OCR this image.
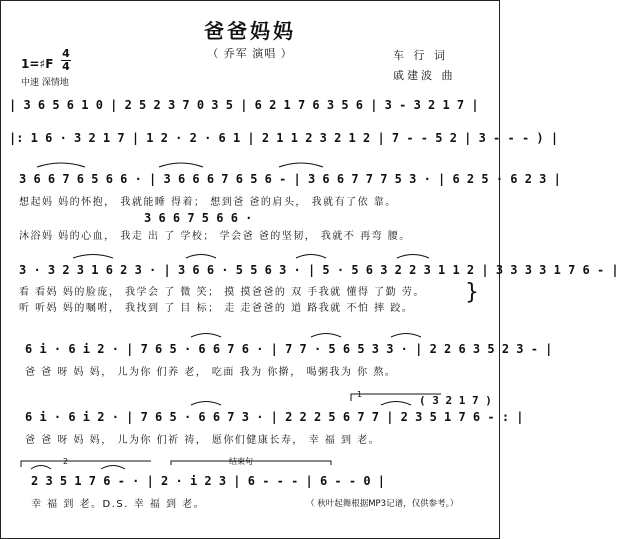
爸爸妈妈
（ 乔军 演唱 ）	车 行 词
戚建波 曲
1=♯F
4
4
中速 深情地
| 3 6 5 6 1 0 | 2 5 2 3 7 0 3 5 | 6 2 1 7 6 3 5 6 | 3 - 3 2 1 7 |
|: 1 6 · 3 2 1 7 | 1 2 · 2 · 6 1 | 2 1 1 2 3 2 1 2 | 7 - - 5 2 | 3 - - - ) |
3 6 6 7 6 5 6 6 · | 3 6 6 6 7 6 5 6 - | 3 6 6 7 7 7 5 3 · | 6 2 5 · 6 2 3 |
想起妈 妈的怀抱， 我就能睡 得着； 想到爸 爸的肩头， 我就有了依 靠。
3 6 6 7 5 6 6 ·
沐浴妈 妈的心血， 我走 出 了 学校； 学会爸 爸的坚韧， 我就不 再弯 腰。
3 · 3 2 3 1 6 2 3 · | 3 6 6 · 5 5 6 3 · | 5 · 5 6 3 2 2 3 1 1 2 | 3 3 3 3 1 7 6 - |
看 看妈 妈的脸庞， 我学会 了 微 笑； 摸 摸爸爸的 双 手我就 懂得 了勤 劳。
听 听妈 妈的嘱咐， 我找到 了 目 标； 走 走爸爸的 道 路我就 不怕 摔 跤。
}
6 i · 6 i 2 · | 7 6 5 · 6 6 7 6 · | 7 7 · 5 6 5 3 3 · | 2 2 6 3 5 2 3 - |
爸 爸 呀 妈 妈， 儿为你 们养 老， 吃面 我为 你擀， 喝粥我为 你 熬。
6 i · 6 i 2 · | 7 6 5 · 6 6 7 3 · | 2 2 2 5 6 7 7 | 2 3 5 1 7 6 - : |
爸 爸 呀 妈 妈， 儿为你 们祈 祷， 愿你们健康长寿， 幸 福 到 老。
( 3 2 1 7 )
1
2	结束句
2 3 5 1 7 6 - · | 2 · i 2 3 | 6 - - - | 6 - - 0 |
幸 福 到 老。D.S. 幸 福 到 老。	（ 秋叶起舞根据MP3记谱，仅供参考。）
